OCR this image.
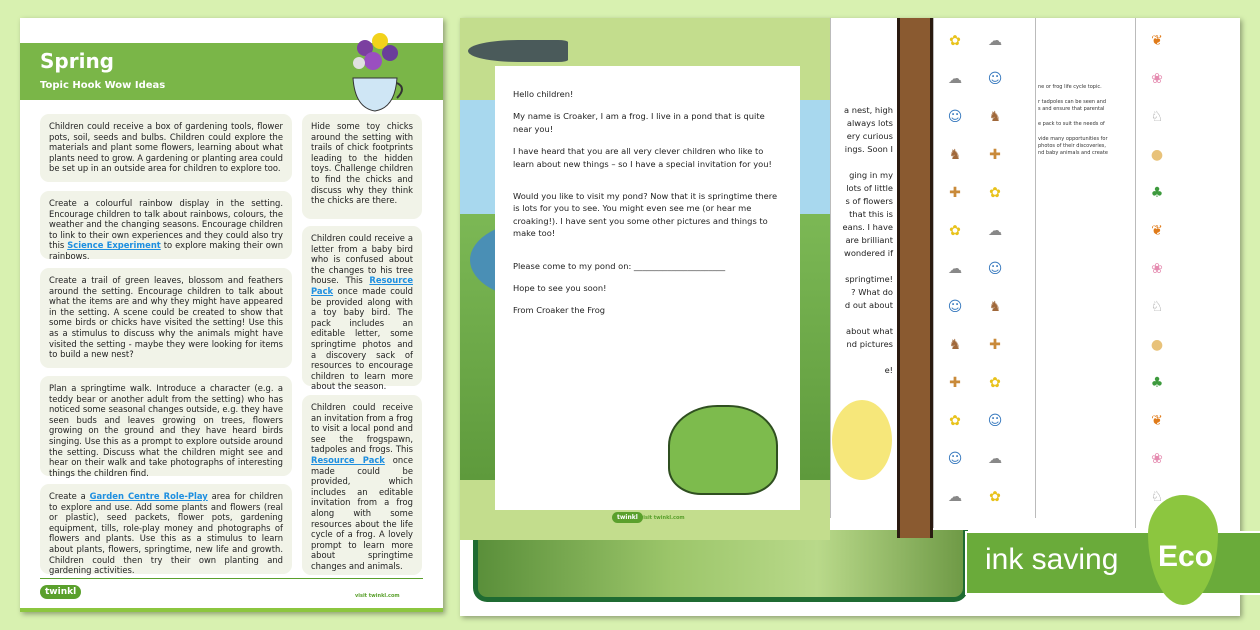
Spring
Topic Hook Wow Ideas
Children could receive a box of gardening tools, flower pots, soil, seeds and bulbs. Children could explore the materials and plant some flowers, learning about what plants need to grow. A gardening or planting area could be set up in an outside area for children to explore too.
Create a colourful rainbow display in the setting. Encourage children to talk about rainbows, colours, the weather and the changing seasons. Encourage children to link to their own experiences and they could also try this Science Experiment to explore making their own rainbows.
Create a trail of green leaves, blossom and feathers around the setting. Encourage children to talk about what the items are and why they might have appeared in the setting. A scene could be created to show that some birds or chicks have visited the setting! Use this as a stimulus to discuss why the animals might have visited the setting - maybe they were looking for items to build a new nest?
Plan a springtime walk. Introduce a character (e.g. a teddy bear or another adult from the setting) who has noticed some seasonal changes outside, e.g. they have seen buds and leaves growing on trees, flowers growing on the ground and they have heard birds singing. Use this as a prompt to explore outside around the setting. Discuss what the children might see and hear on their walk and take photographs of interesting things the children find.
Create a Garden Centre Role-Play area for children to explore and use. Add some plants and flowers (real or plastic), seed packets, flower pots, gardening equipment, tills, role-play money and photographs of flowers and plants. Use this as a stimulus to learn about plants, flowers, springtime, new life and growth. Children could then try their own planting and gardening activities.
Hide some toy chicks around the setting with trails of chick footprints leading to the hidden toys. Challenge children to find the chicks and discuss why they think the chicks are there.
Children could receive a letter from a baby bird who is confused about the changes to his tree house. This Resource Pack once made could be provided along with a toy baby bird. The pack includes an editable letter, some springtime photos and a discovery sack of resources to encourage children to learn more about the season.
Children could receive an invitation from a frog to visit a local pond and see the frogspawn, tadpoles and frogs. This Resource Pack once made could be provided, which includes an editable invitation from a frog along with some resources about the life cycle of a frog. A lovely prompt to learn more about springtime changes and animals.
twinkl	visit twinkl.com
a nest, high
always lots
ery curious
ings. Soon I
ging in my
lots of little
s of flowers
that this is
eans. I have
are brilliant
wondered if
springtime!
? What do
d out about
about what
nd pictures
e!
✿	☁
☁	☺
☺	♞
♞	✚
✚	✿
✿	☁
☁	☺
☺	♞
♞	✚
✚	✿
✿	☺
☺	☁
☁	✿
ne or frog life cycle topic.
r tadpoles can be seen and
s and ensure that parental
e pack to suit the needs of
vide many opportunities for
photos of their discoveries,
nd baby animals and create
❦
❀
♘
●
♣
❦
❀
♘
●
♣
❦
❀
♘

Hello children!

My name is Croaker, I am a frog. I live in a pond that is quite near you!

I have heard that you are all very clever children who like to learn about new things – so I have a special invitation for you!

Would you like to visit my pond? Now that it is springtime there is lots for you to see. You might even see me (or hear me croaking!). I have sent you some other pictures and things to make too!

Please come to my pond on: ______________________

Hope to see you soon!

From Croaker the Frog

twinkl visit twinkl.com
ink saving Eco
